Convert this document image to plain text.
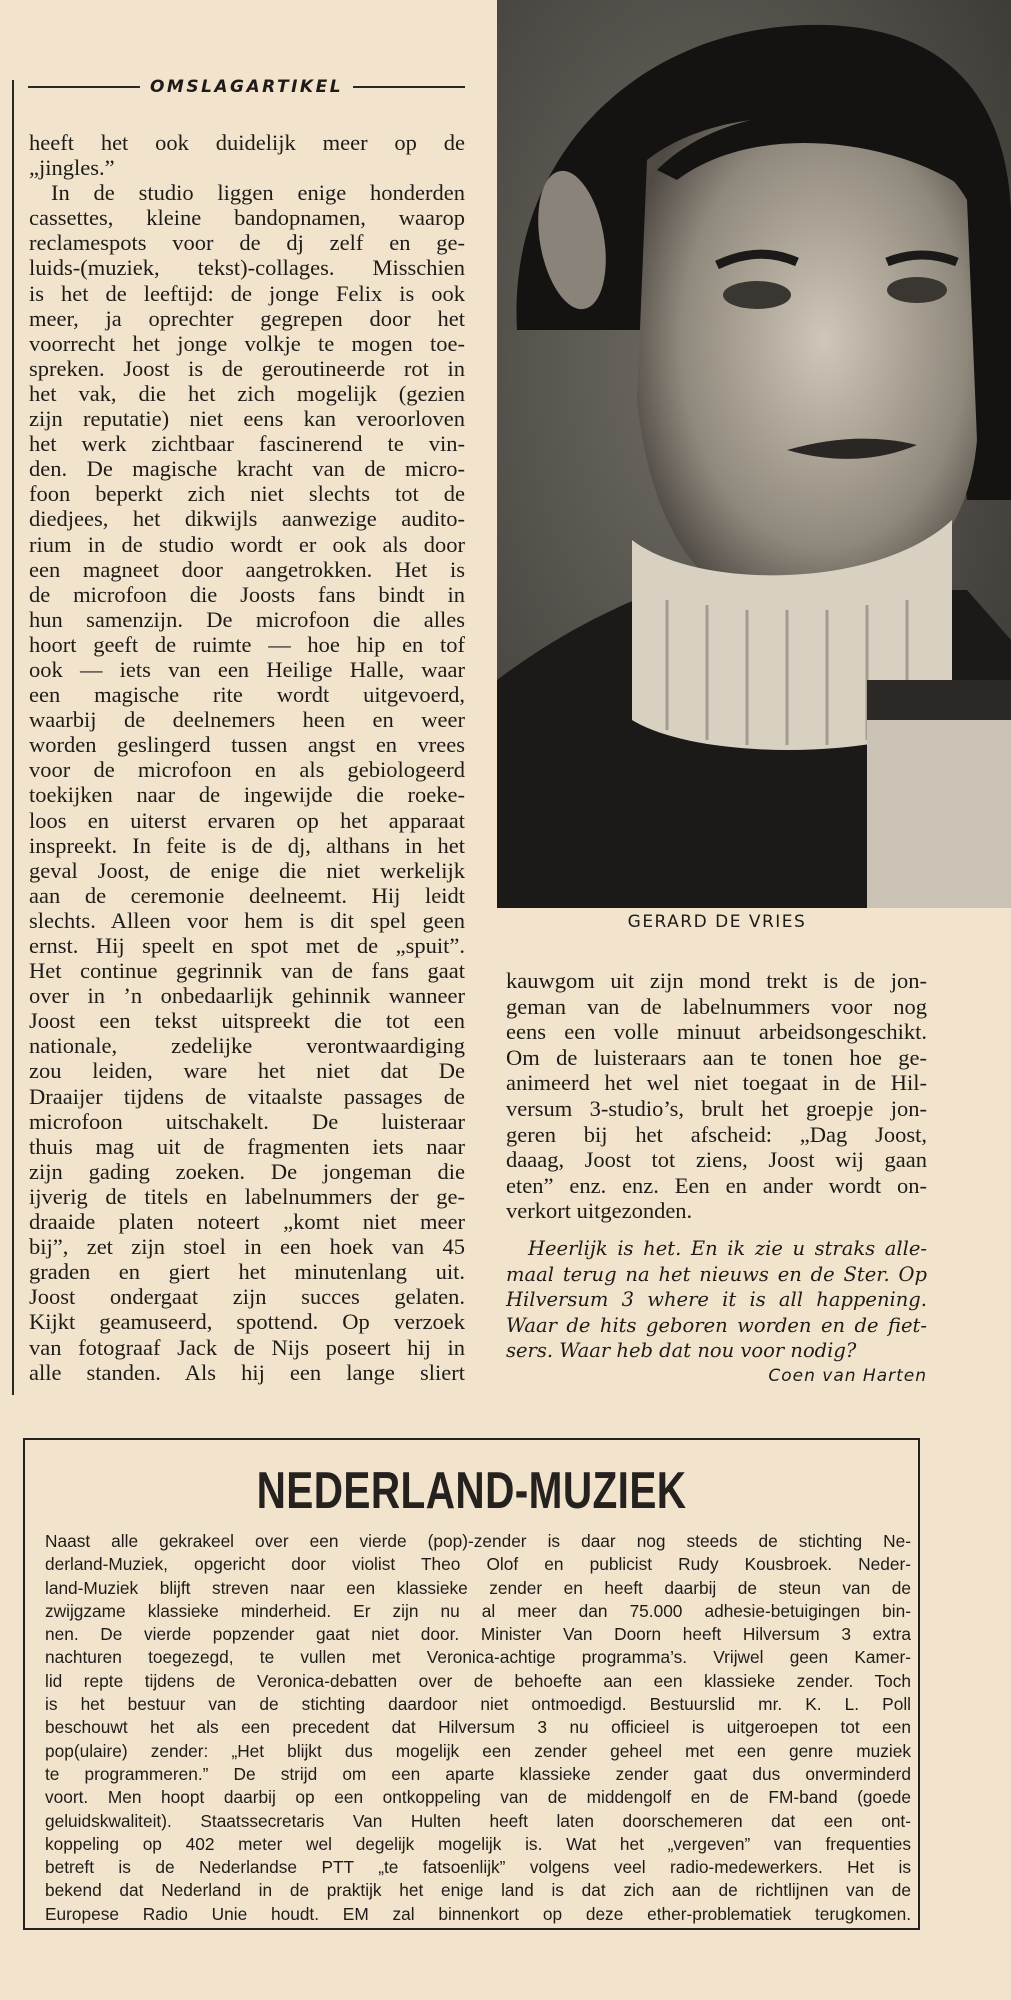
OMSLAGARTIKEL
heeft het ook duidelijk meer op de
„jingles.”
In de studio liggen enige honderden
cassettes, kleine bandopnamen, waarop
reclamespots voor de dj zelf en ge-
luids-(muziek, tekst)-collages. Misschien
is het de leeftijd: de jonge Felix is ook
meer, ja oprechter gegrepen door het
voorrecht het jonge volkje te mogen toe-
spreken. Joost is de geroutineerde rot in
het vak, die het zich mogelijk (gezien
zijn reputatie) niet eens kan veroorloven
het werk zichtbaar fascinerend te vin-
den. De magische kracht van de micro-
foon beperkt zich niet slechts tot de
diedjees, het dikwijls aanwezige audito-
rium in de studio wordt er ook als door
een magneet door aangetrokken. Het is
de microfoon die Joosts fans bindt in
hun samenzijn. De microfoon die alles
hoort geeft de ruimte — hoe hip en tof
ook — iets van een Heilige Halle, waar
een magische rite wordt uitgevoerd,
waarbij de deelnemers heen en weer
worden geslingerd tussen angst en vrees
voor de microfoon en als gebiologeerd
toekijken naar de ingewijde die roeke-
loos en uiterst ervaren op het apparaat
inspreekt. In feite is de dj, althans in het
geval Joost, de enige die niet werkelijk
aan de ceremonie deelneemt. Hij leidt
slechts. Alleen voor hem is dit spel geen
ernst. Hij speelt en spot met de „spuit”.
Het continue gegrinnik van de fans gaat
over in ’n onbedaarlijk gehinnik wanneer
Joost een tekst uitspreekt die tot een
nationale, zedelijke verontwaardiging
zou leiden, ware het niet dat De
Draaijer tijdens de vitaalste passages de
microfoon uitschakelt. De luisteraar
thuis mag uit de fragmenten iets naar
zijn gading zoeken. De jongeman die
ijverig de titels en labelnummers der ge-
draaide platen noteert „komt niet meer
bij”, zet zijn stoel in een hoek van 45
graden en giert het minutenlang uit.
Joost ondergaat zijn succes gelaten.
Kijkt geamuseerd, spottend. Op verzoek
van fotograaf Jack de Nijs poseert hij in
alle standen. Als hij een lange sliert
GERARD DE VRIES
kauwgom uit zijn mond trekt is de jon-
geman van de labelnummers voor nog
eens een volle minuut arbeidsongeschikt.
Om de luisteraars aan te tonen hoe ge-
animeerd het wel niet toegaat in de Hil-
versum 3-studio’s, brult het groepje jon-
geren bij het afscheid: „Dag Joost,
daaag, Joost tot ziens, Joost wij gaan
eten” enz. enz. Een en ander wordt on-
verkort uitgezonden.
Heerlijk is het. En ik zie u straks alle-
maal terug na het nieuws en de Ster. Op
Hilversum 3 where it is all happening.
Waar de hits geboren worden en de fiet-
sers. Waar heb dat nou voor nodig?
Coen van Harten
NEDERLAND-MUZIEK
Naast alle gekrakeel over een vierde (pop)-zender is daar nog steeds de stichting Ne-
derland-Muziek, opgericht door violist Theo Olof en publicist Rudy Kousbroek. Neder-
land-Muziek blijft streven naar een klassieke zender en heeft daarbij de steun van de
zwijgzame klassieke minderheid. Er zijn nu al meer dan 75.000 adhesie-betuigingen bin-
nen. De vierde popzender gaat niet door. Minister Van Doorn heeft Hilversum 3 extra
nachturen toegezegd, te vullen met Veronica-achtige programma’s. Vrijwel geen Kamer-
lid repte tijdens de Veronica-debatten over de behoefte aan een klassieke zender. Toch
is het bestuur van de stichting daardoor niet ontmoedigd. Bestuurslid mr. K. L. Poll
beschouwt het als een precedent dat Hilversum 3 nu officieel is uitgeroepen tot een
pop(ulaire) zender: „Het blijkt dus mogelijk een zender geheel met een genre muziek
te programmeren.” De strijd om een aparte klassieke zender gaat dus onverminderd
voort. Men hoopt daarbij op een ontkoppeling van de middengolf en de FM-band (goede
geluidskwaliteit). Staatssecretaris Van Hulten heeft laten doorschemeren dat een ont-
koppeling op 402 meter wel degelijk mogelijk is. Wat het „vergeven” van frequenties
betreft is de Nederlandse PTT „te fatsoenlijk” volgens veel radio-medewerkers. Het is
bekend dat Nederland in de praktijk het enige land is dat zich aan de richtlijnen van de
Europese Radio Unie houdt. EM zal binnenkort op deze ether-problematiek terugkomen.
